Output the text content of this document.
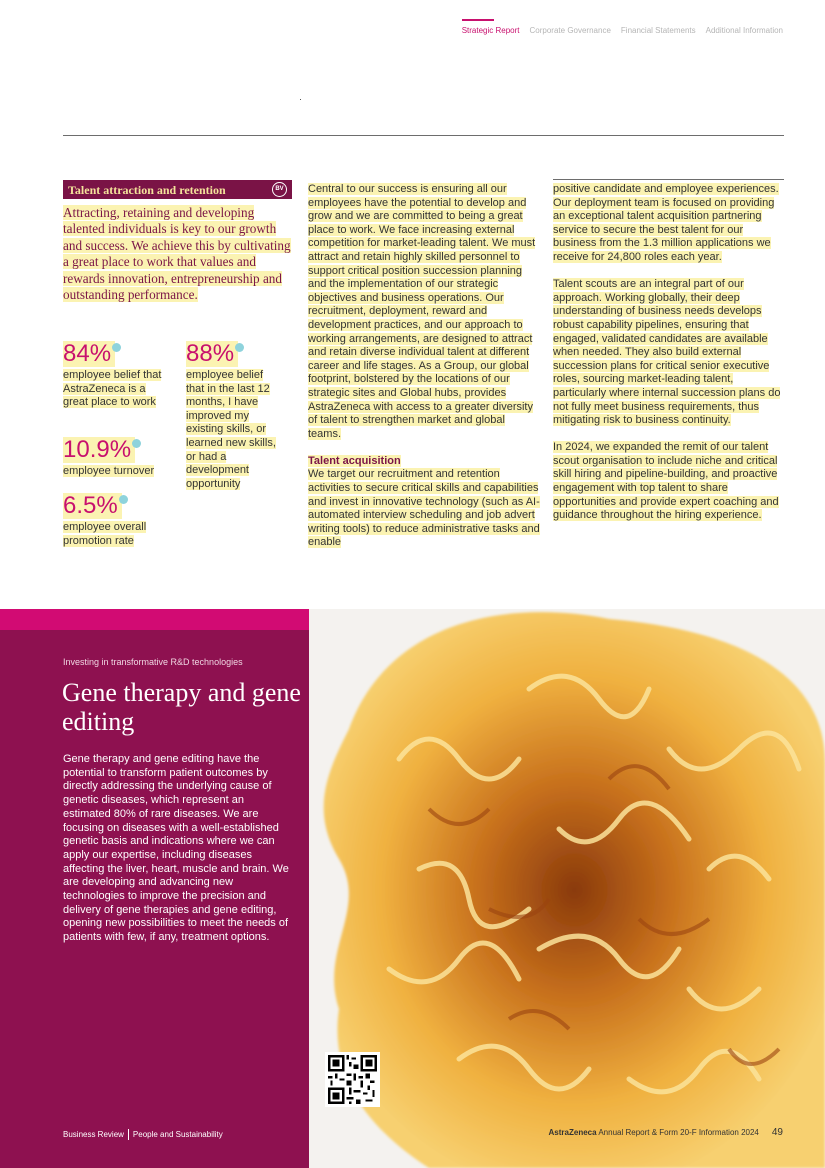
Strategic Report Corporate Governance Financial Statements Additional Information
Talent attraction and retention	BV
Attracting, retaining and developing talented individuals is key to our growth and success. We achieve this by cultivating a great place to work that values and rewards innovation, entrepreneurship and outstanding performance.
84%
employee belief that AstraZeneca is a great place to work
10.9%
employee turnover
6.5%
employee overall promotion rate
88%
employee belief that in the last 12 months, I have improved my existing skills, or learned new skills, or had a development opportunity

Central to our success is ensuring all our employees have the potential to develop and grow and we are committed to being a great place to work. We face increasing external competition for market-leading talent. We must attract and retain highly skilled personnel to support critical position succession planning and the implementation of our strategic objectives and business operations. Our recruitment, deployment, reward and development practices, and our approach to working arrangements, are designed to attract and retain diverse individual talent at different career and life stages. As a Group, our global footprint, bolstered by the locations of our strategic sites and Global hubs, provides AstraZeneca with access to a greater diversity of talent to strengthen market and global teams.

Talent acquisition

We target our recruitment and retention activities to secure critical skills and capabilities and invest in innovative technology (such as AI-automated interview scheduling and job advert writing tools) to reduce administrative tasks and enable

positive candidate and employee experiences. Our deployment team is focused on providing an exceptional talent acquisition partnering service to secure the best talent for our business from the 1.3 million applications we receive for 24,800 roles each year.

Talent scouts are an integral part of our approach. Working globally, their deep understanding of business needs develops robust capability pipelines, ensuring that engaged, validated candidates are available when needed. They also build external succession plans for critical senior executive roles, sourcing market-leading talent, particularly where internal succession plans do not fully meet business requirements, thus mitigating risk to business continuity.

In 2024, we expanded the remit of our talent scout organisation to include niche and critical skill hiring and pipeline-building, and proactive engagement with top talent to share opportunities and provide expert coaching and guidance throughout the hiring experience.

Investing in transformative R&D technologies
Gene therapy and gene editing
Gene therapy and gene editing have the potential to transform patient outcomes by directly addressing the underlying cause of genetic diseases, which represent an estimated 80% of rare diseases. We are focusing on diseases with a well-established genetic basis and indications where we can apply our expertise, including diseases affecting the liver, heart, muscle and brain. We are developing and advancing new technologies to improve the precision and delivery of gene therapies and gene editing, opening new possibilities to meet the needs of patients with few, if any, treatment options.
Business Review People and Sustainability	AstraZeneca Annual Report & Form 20-F Information 2024 49
